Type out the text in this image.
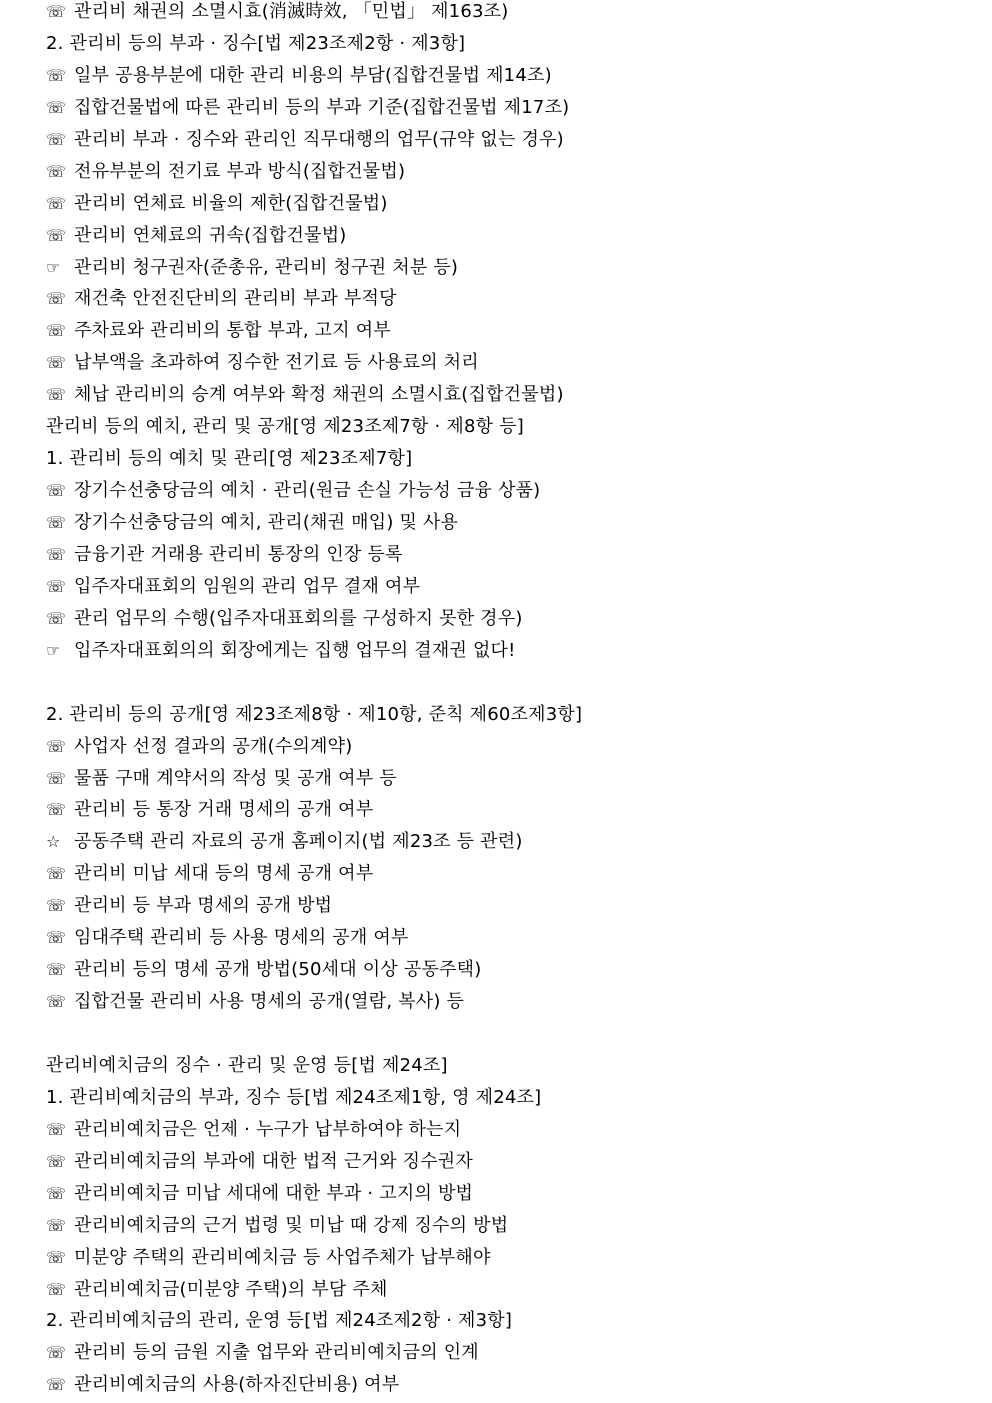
☏ 관리비 채권의 소멸시효(消滅時效, 「민법」 제163조)
2. 관리비 등의 부과 · 징수[법 제23조제2항 · 제3항]
☏ 일부 공용부분에 대한 관리 비용의 부담(집합건물법 제14조)
☏ 집합건물법에 따른 관리비 등의 부과 기준(집합건물법 제17조)
☏ 관리비 부과 · 징수와 관리인 직무대행의 업무(규약 없는 경우)
☏ 전유부분의 전기료 부과 방식(집합건물법)
☏ 관리비 연체료 비율의 제한(집합건물법)
☏ 관리비 연체료의 귀속(집합건물법)
☞ 관리비 청구권자(준총유, 관리비 청구권 처분 등)
☏ 재건축 안전진단비의 관리비 부과 부적당
☏ 주차료와 관리비의 통합 부과, 고지 여부
☏ 납부액을 초과하여 징수한 전기료 등 사용료의 처리
☏ 체납 관리비의 승계 여부와 확정 채권의 소멸시효(집합건물법)
관리비 등의 예치, 관리 및 공개[영 제23조제7항 · 제8항 등]
1. 관리비 등의 예치 및 관리[영 제23조제7항]
☏ 장기수선충당금의 예치 · 관리(원금 손실 가능성 금융 상품)
☏ 장기수선충당금의 예치, 관리(채권 매입) 및 사용
☏ 금융기관 거래용 관리비 통장의 인장 등록
☏ 입주자대표회의 임원의 관리 업무 결재 여부
☏ 관리 업무의 수행(입주자대표회의를 구성하지 못한 경우)
☞ 입주자대표회의의 회장에게는 집행 업무의 결재권 없다!
2. 관리비 등의 공개[영 제23조제8항 · 제10항, 준칙 제60조제3항]
☏ 사업자 선정 결과의 공개(수의계약)
☏ 물품 구매 계약서의 작성 및 공개 여부 등
☏ 관리비 등 통장 거래 명세의 공개 여부
☆ 공동주택 관리 자료의 공개 홈페이지(법 제23조 등 관련)
☏ 관리비 미납 세대 등의 명세 공개 여부
☏ 관리비 등 부과 명세의 공개 방법
☏ 임대주택 관리비 등 사용 명세의 공개 여부
☏ 관리비 등의 명세 공개 방법(50세대 이상 공동주택)
☏ 집합건물 관리비 사용 명세의 공개(열람, 복사) 등
관리비예치금의 징수 · 관리 및 운영 등[법 제24조]
1. 관리비예치금의 부과, 징수 등[법 제24조제1항, 영 제24조]
☏ 관리비예치금은 언제 · 누구가 납부하여야 하는지
☏ 관리비예치금의 부과에 대한 법적 근거와 징수권자
☏ 관리비예치금 미납 세대에 대한 부과 · 고지의 방법
☏ 관리비예치금의 근거 법령 및 미납 때 강제 징수의 방법
☏ 미분양 주택의 관리비예치금 등 사업주체가 납부해야
☏ 관리비예치금(미분양 주택)의 부담 주체
2. 관리비예치금의 관리, 운영 등[법 제24조제2항 · 제3항]
☏ 관리비 등의 금원 지출 업무와 관리비예치금의 인계
☏ 관리비예치금의 사용(하자진단비용) 여부
